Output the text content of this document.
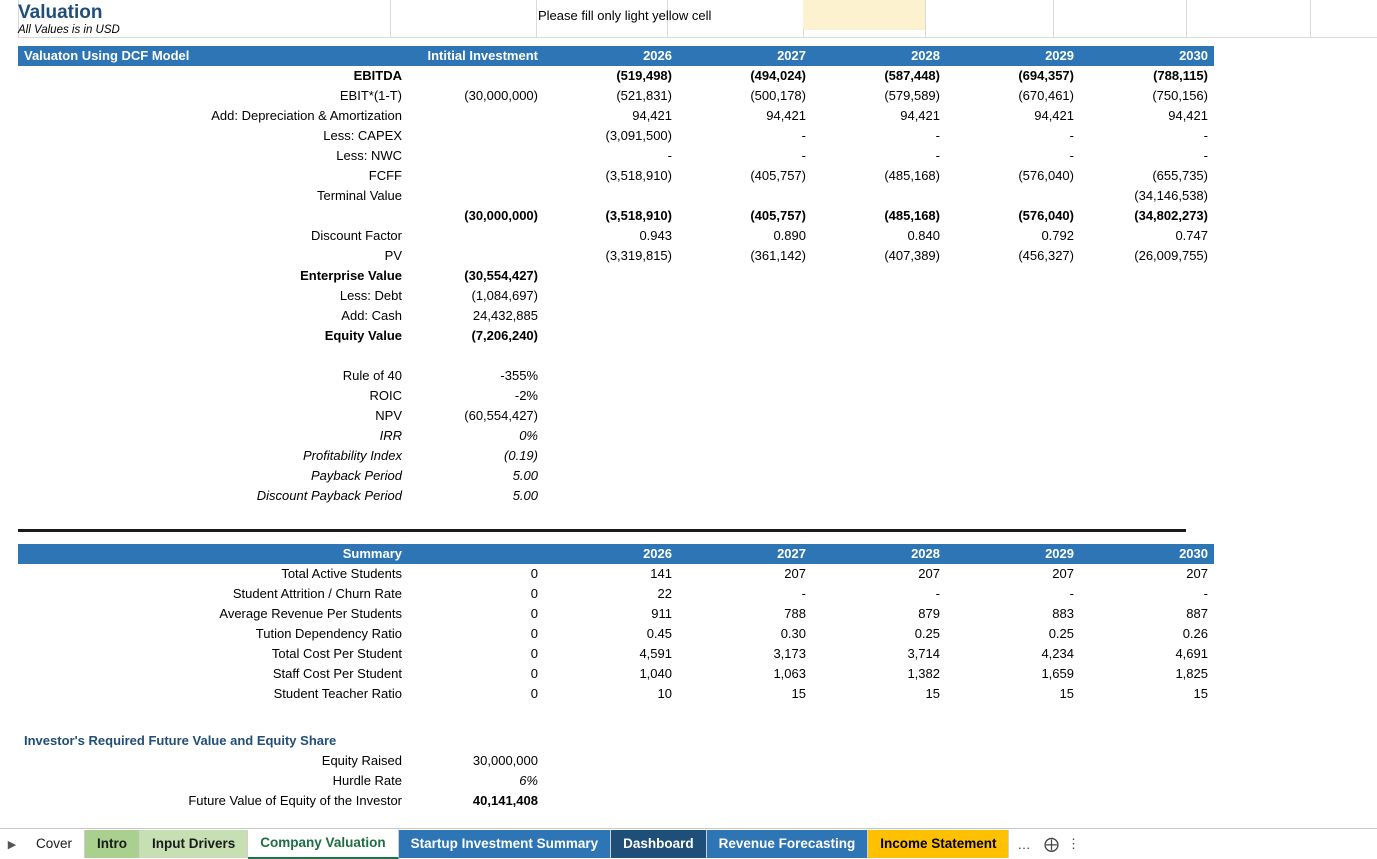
Valuation
All Values is in USD
Please fill only light yellow cell
Valuaton Using DCF Model	Intitial Investment	2026	2027	2028	2029	2030
EBITDA		(519,498)	(494,024)	(587,448)	(694,357)	(788,115)
EBIT*(1-T)	(30,000,000)	(521,831)	(500,178)	(579,589)	(670,461)	(750,156)
Add: Depreciation & Amortization		94,421	94,421	94,421	94,421	94,421
Less: CAPEX		(3,091,500)	-	-	-	-
Less: NWC		-	-	-	-	-
FCFF		(3,518,910)	(405,757)	(485,168)	(576,040)	(655,735)
Terminal Value						(34,146,538)
	(30,000,000)	(3,518,910)	(405,757)	(485,168)	(576,040)	(34,802,273)
Discount Factor		0.943	0.890	0.840	0.792	0.747
PV		(3,319,815)	(361,142)	(407,389)	(456,327)	(26,009,755)
Enterprise Value	(30,554,427)					
Less: Debt	(1,084,697)					
Add: Cash	24,432,885					
Equity Value	(7,206,240)					

Rule of 40	-355%					
ROIC	-2%					
NPV	(60,554,427)					
IRR	0%					
Profitability Index	(0.19)					
Payback Period	5.00					
Discount Payback Period	5.00					
Summary		2026	2027	2028	2029	2030
Total Active Students	0	141	207	207	207	207
Student Attrition / Churn Rate	0	22	-	-	-	-
Average Revenue Per Students	0	911	788	879	883	887
Tution Dependency Ratio	0	0.45	0.30	0.25	0.25	0.26
Total Cost Per Student	0	4,591	3,173	3,714	4,234	4,691
Staff Cost Per Student	0	1,040	1,063	1,382	1,659	1,825
Student Teacher Ratio	0	10	15	15	15	15
Investor's Required Future Value and Equity Share						
Equity Raised	30,000,000					
Hurdle Rate	6%					
Future Value of Equity of the Investor	40,141,408					
▶	Cover	Intro	Input Drivers	Company Valuation	Startup Investment Summary	Dashboard	Revenue Forecasting	Income Statement	… ⨁ ⋮
